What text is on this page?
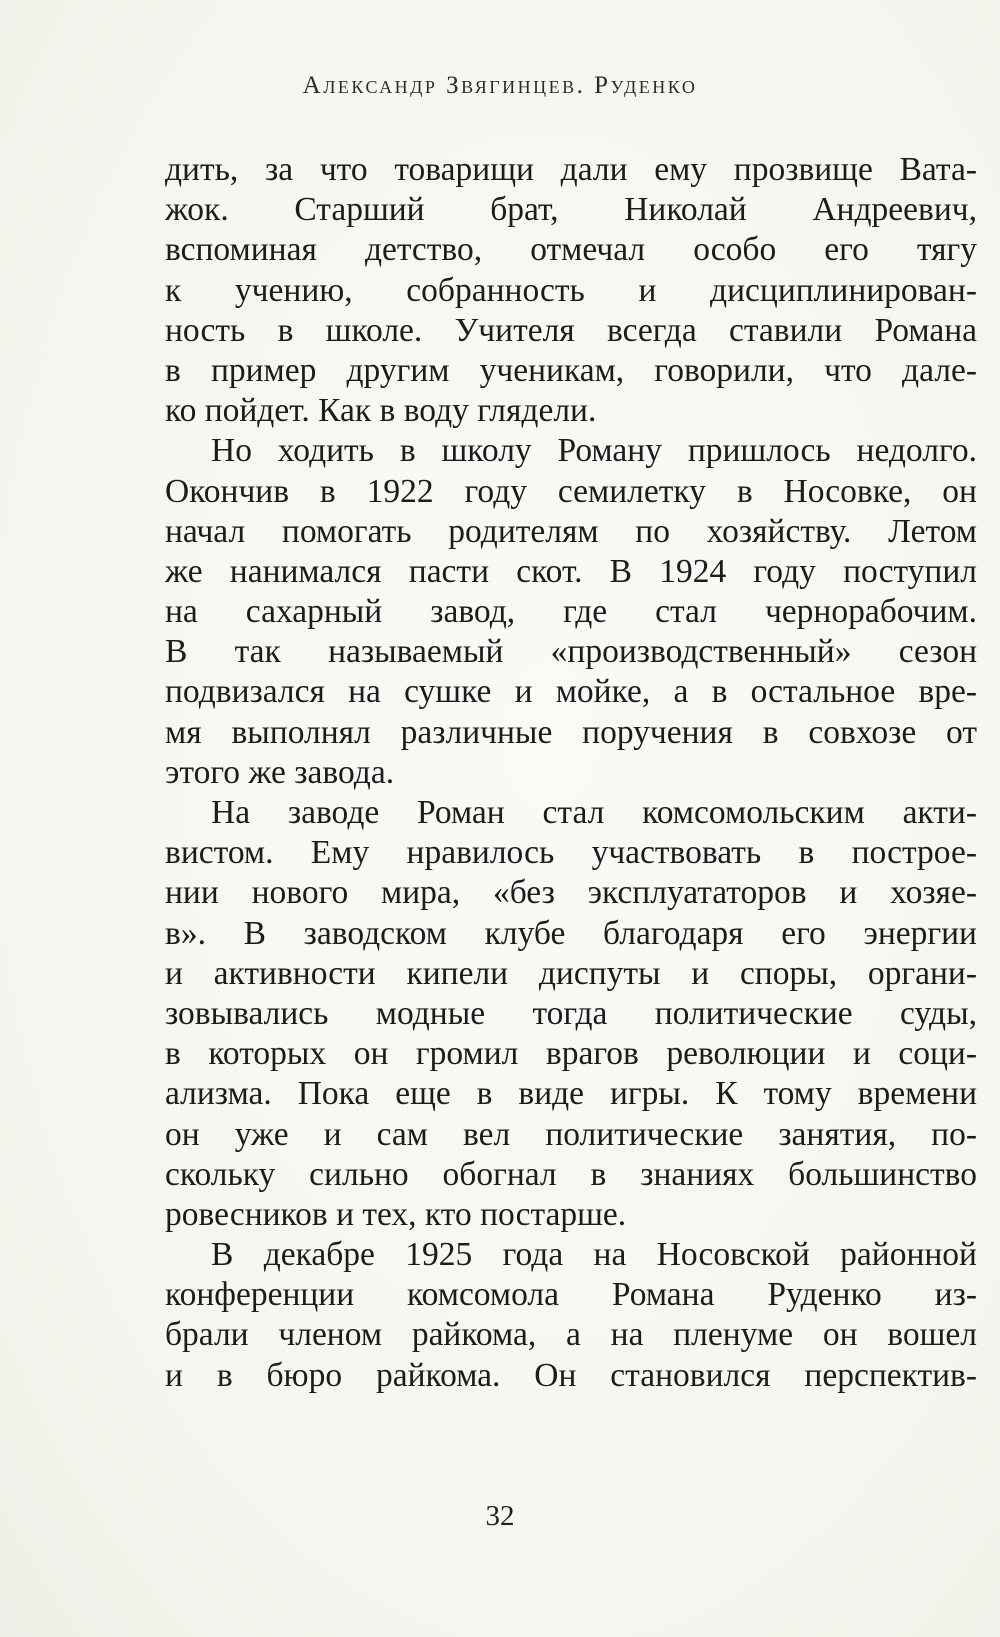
Александр Звягинцев. Руденко
дить, за что товарищи дали ему прозвище Вата-
жок. Старший брат, Николай Андреевич,
вспоминая детство, отмечал особо его тягу
к учению, собранность и дисциплинирован-
ность в школе. Учителя всегда ставили Романа
в пример другим ученикам, говорили, что дале-
ко пойдет. Как в воду глядели.
Но ходить в школу Роману пришлось недолго.
Окончив в 1922 году семилетку в Носовке, он
начал помогать родителям по хозяйству. Летом
же нанимался пасти скот. В 1924 году поступил
на сахарный завод, где стал чернорабочим.
В так называемый «производственный» сезон
подвизался на сушке и мойке, а в остальное вре-
мя выполнял различные поручения в совхозе от
этого же завода.
На заводе Роман стал комсомольским акти-
вистом. Ему нравилось участвовать в построе-
нии нового мира, «без эксплуататоров и хозяе-
в». В заводском клубе благодаря его энергии
и активности кипели диспуты и споры, органи-
зовывались модные тогда политические суды,
в которых он громил врагов революции и соци-
ализма. Пока еще в виде игры. К тому времени
он уже и сам вел политические занятия, по-
скольку сильно обогнал в знаниях большинство
ровесников и тех, кто постарше.
В декабре 1925 года на Носовской районной
конференции комсомола Романа Руденко из-
брали членом райкома, а на пленуме он вошел
и в бюро райкома. Он становился перспектив-
32
